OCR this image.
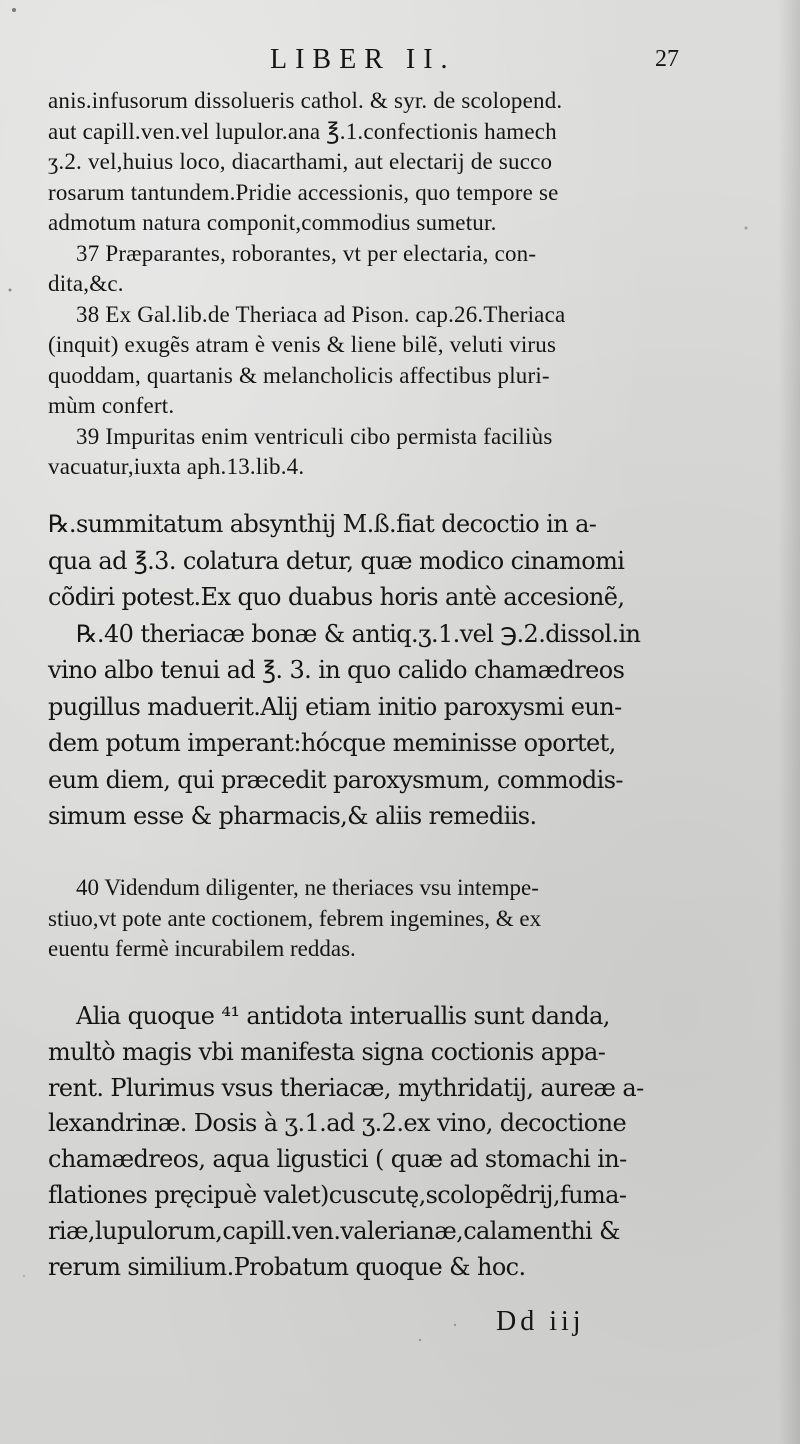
LIBER II.	27
anis.infusorum dissolueris cathol. & syr. de scolopend.
aut capill.ven.vel lupulor.ana ℥.1.confectionis hamech
ʒ.2. vel,huius loco, diacarthami, aut electarij de succo
rosarum tantundem.Pridie accessionis, quo tempore se
admotum natura componit,commodius sumetur.
37 Præparantes, roborantes, vt per electaria, con-
dita,&c.
38 Ex Gal.lib.de Theriaca ad Pison. cap.26.Theriaca
(inquit) exugẽs atram è venis & liene bilẽ, veluti virus
quoddam, quartanis & melancholicis affectibus pluri-
mùm confert.
39 Impuritas enim ventriculi cibo permista faciliùs
vacuatur,iuxta aph.13.lib.4.
℞.summitatum absynthij M.ß.fiat decoctio in a-
qua ad ℥.3. colatura detur, quæ modico cinamomi
cõdiri potest.Ex quo duabus horis antè accesionẽ,
℞.40 theriacæ bonæ & antiq.ʒ.1.vel ℈.2.dissol.in
vino albo tenui ad ℥. 3. in quo calido chamædreos
pugillus maduerit.Alij etiam initio paroxysmi eun-
dem potum imperant:hócque meminisse oportet,
eum diem, qui præcedit paroxysmum, commodis-
simum esse & pharmacis,& aliis remediis.
40 Videndum diligenter, ne theriaces vsu intempe-
stiuo,vt pote ante coctionem, febrem ingemines, & ex
euentu fermè incurabilem reddas.
Alia quoque ⁴¹ antidota interuallis sunt danda,
multò magis vbi manifesta signa coctionis appa-
rent. Plurimus vsus theriacæ, mythridatij, aureæ a-
lexandrinæ. Dosis à ʒ.1.ad ʒ.2.ex vino, decoctione
chamædreos, aqua ligustici ( quæ ad stomachi in-
flationes pręcipuè valet)cuscutę,scolopẽdrij,fuma-
riæ,lupulorum,capill.ven.valerianæ,calamenthi &
rerum similium.Probatum quoque & hoc.
Dd iij
